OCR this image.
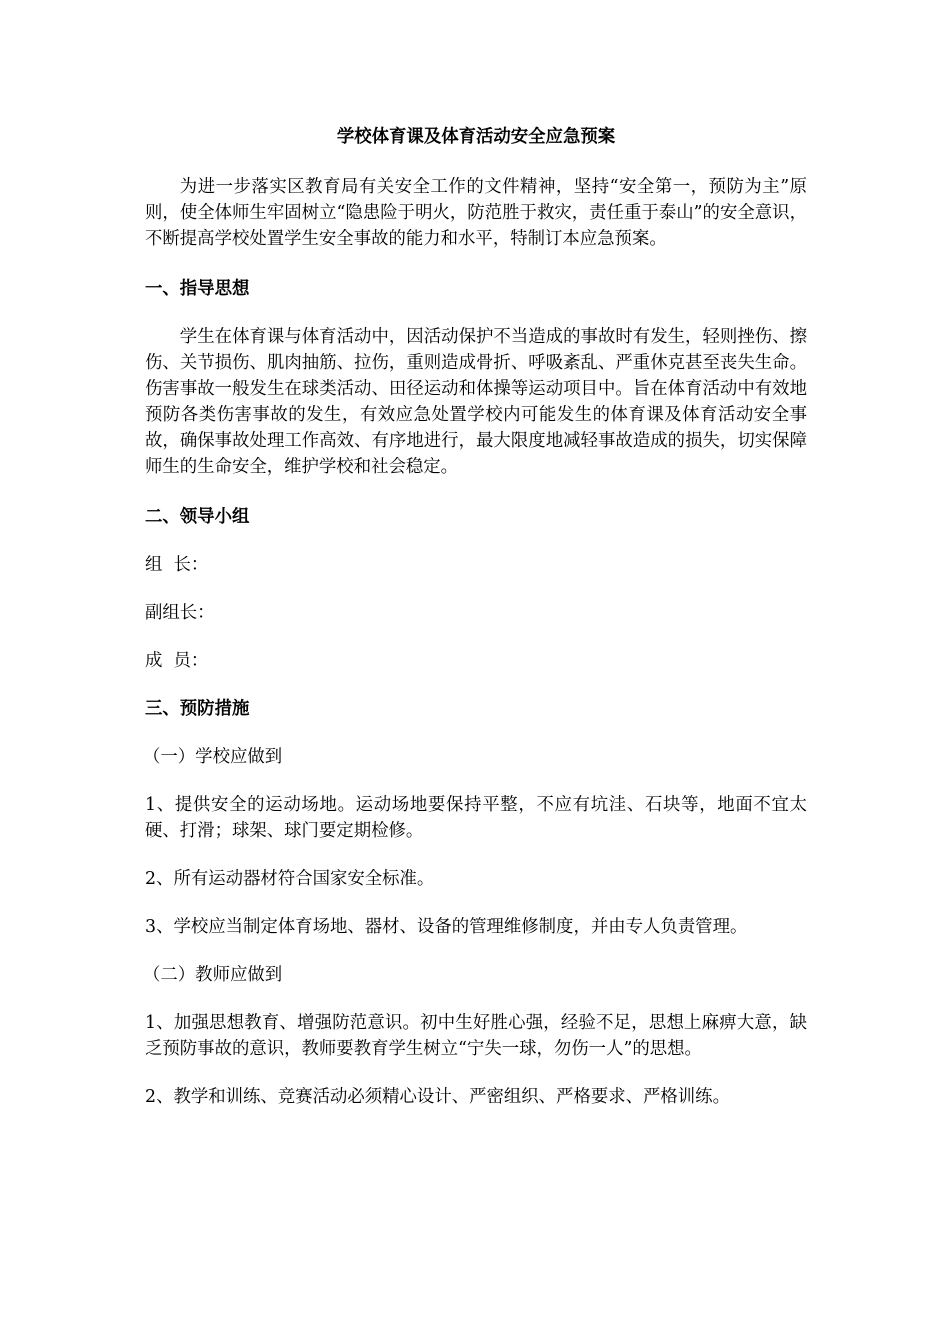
学校体育课及体育活动安全应急预案

为进一步落实区教育局有关安全工作的文件精神，坚持“安全第一，预防为主”原则，使全体师生牢固树立“隐患险于明火，防范胜于救灾，责任重于泰山”的安全意识，不断提高学校处置学生安全事故的能力和水平，特制订本应急预案。

一、指导思想

学生在体育课与体育活动中，因活动保护不当造成的事故时有发生，轻则挫伤、擦伤、关节损伤、肌肉抽筋、拉伤，重则造成骨折、呼吸紊乱、严重休克甚至丧失生命。伤害事故一般发生在球类活动、田径运动和体操等运动项目中。旨在体育活动中有效地预防各类伤害事故的发生，有效应急处置学校内可能发生的体育课及体育活动安全事故，确保事故处理工作高效、有序地进行，最大限度地减轻事故造成的损失，切实保障师生的生命安全，维护学校和社会稳定。

二、领导小组

组  长：

副组长：

成  员：

三、预防措施

（一）学校应做到

1、提供安全的运动场地。运动场地要保持平整，不应有坑洼、石块等，地面不宜太硬、打滑；球架、球门要定期检修。

2、所有运动器材符合国家安全标准。

3、学校应当制定体育场地、器材、设备的管理维修制度，并由专人负责管理。

（二）教师应做到

1、加强思想教育、增强防范意识。初中生好胜心强，经验不足，思想上麻痹大意，缺乏预防事故的意识，教师要教育学生树立“宁失一球，勿伤一人”的思想。

2、教学和训练、竞赛活动必须精心设计、严密组织、严格要求、严格训练。
